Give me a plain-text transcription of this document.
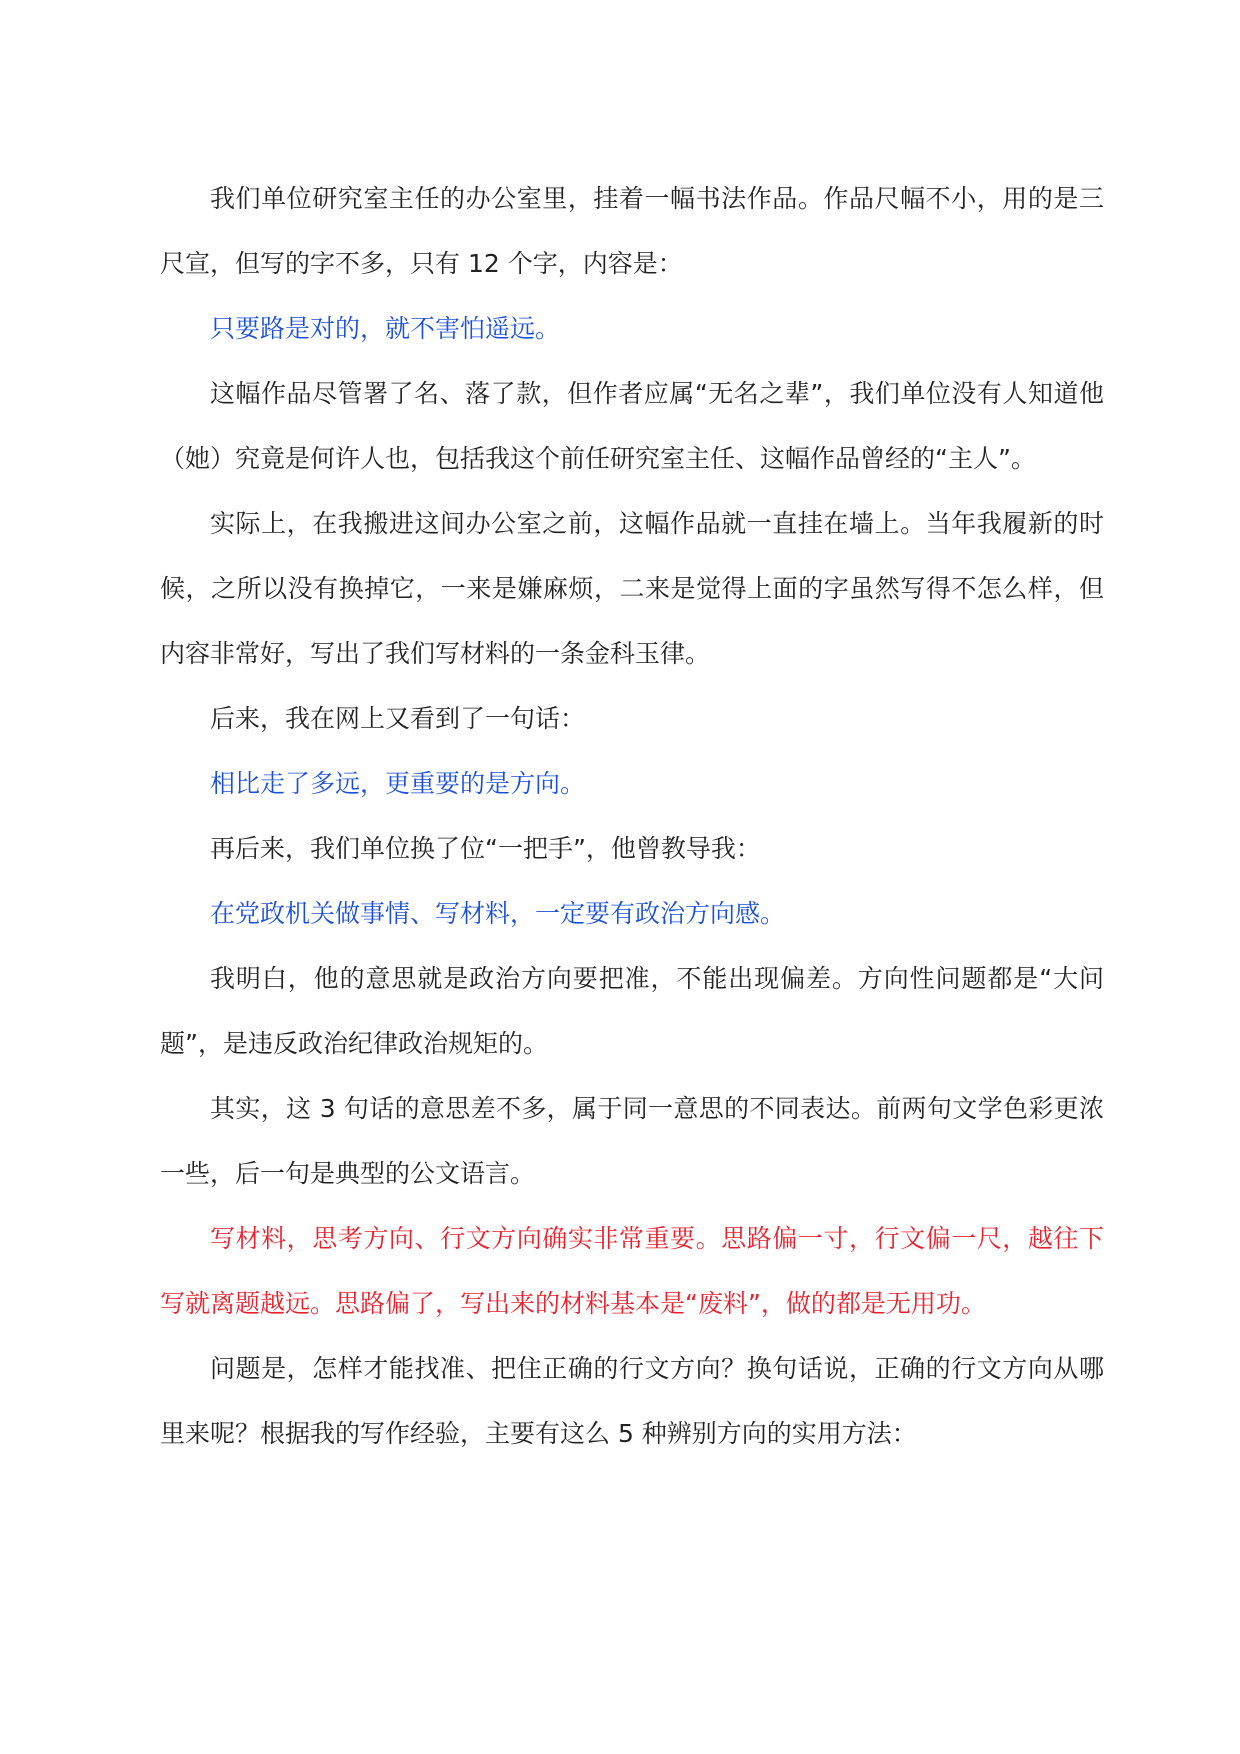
我们单位研究室主任的办公室里，挂着一幅书法作品。作品尺幅不小，用的是三尺宣，但写的字不多，只有 12 个字，内容是：

只要路是对的，就不害怕遥远。

这幅作品尽管署了名、落了款，但作者应属“无名之辈”，我们单位没有人知道他（她）究竟是何许人也，包括我这个前任研究室主任、这幅作品曾经的“主人”。

实际上，在我搬进这间办公室之前，这幅作品就一直挂在墙上。当年我履新的时候，之所以没有换掉它，一来是嫌麻烦，二来是觉得上面的字虽然写得不怎么样，但内容非常好，写出了我们写材料的一条金科玉律。

后来，我在网上又看到了一句话：

相比走了多远，更重要的是方向。

再后来，我们单位换了位“一把手”，他曾教导我：

在党政机关做事情、写材料，一定要有政治方向感。

我明白，他的意思就是政治方向要把准，不能出现偏差。方向性问题都是“大问题”，是违反政治纪律政治规矩的。

其实，这 3 句话的意思差不多，属于同一意思的不同表达。前两句文学色彩更浓一些，后一句是典型的公文语言。

写材料，思考方向、行文方向确实非常重要。思路偏一寸，行文偏一尺，越往下写就离题越远。思路偏了，写出来的材料基本是“废料”，做的都是无用功。

问题是，怎样才能找准、把住正确的行文方向？换句话说，正确的行文方向从哪里来呢？根据我的写作经验，主要有这么 5 种辨别方向的实用方法：
